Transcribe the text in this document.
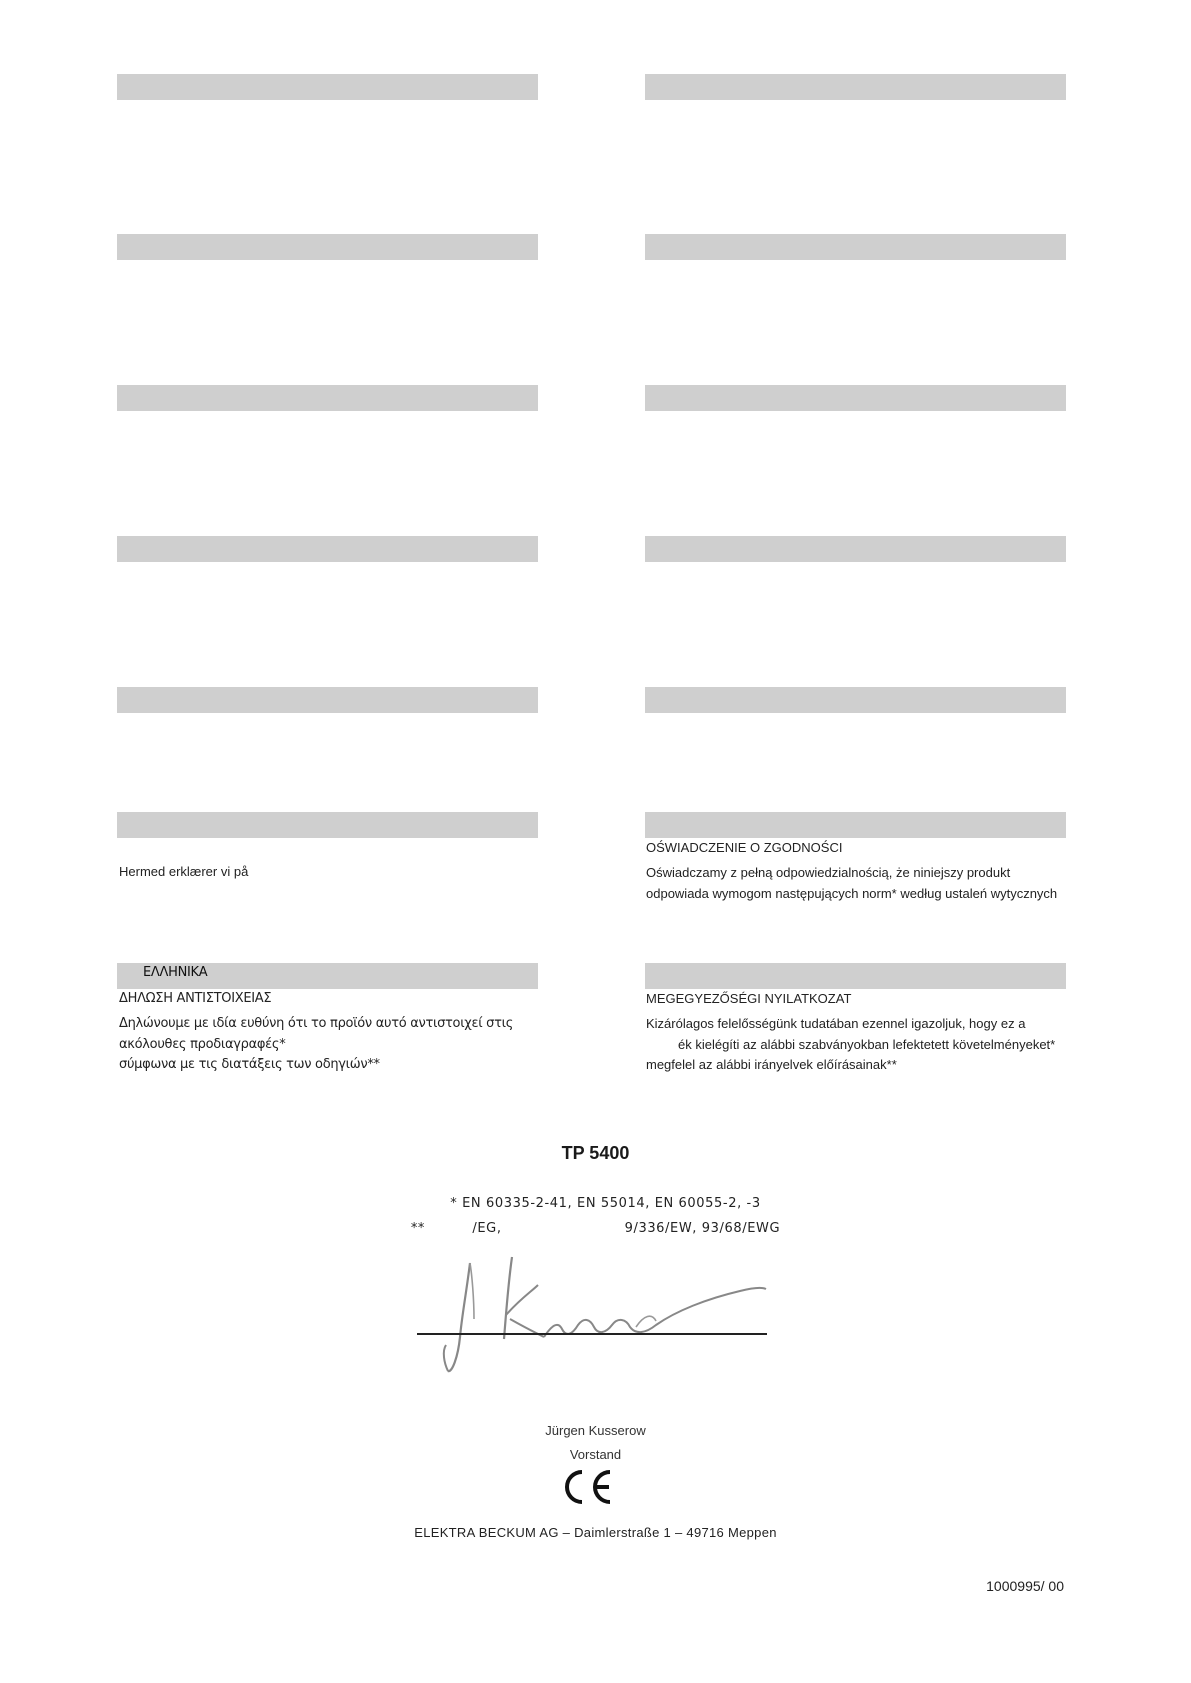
ΕΛΛΗΝΙΚΑ
Hermed erklærer vi på
OŚWIADCZENIE O ZGODNOŚCI
Oświadczamy z pełną odpowiedzialnością, że niniejszy produkt
odpowiada wymogom następujących norm* według ustaleń wytycznych
ΔΗΛΩΣΗ ΑΝΤΙΣΤΟΙΧΕΙΑΣ
Δηλώνουμε με ιδία ευθύνη ότι το προϊόν αυτό αντιστοιχεί στις
ακόλουθες προδιαγραφές*
σύμφωνα με τις διατάξεις των οδηγιών**
MEGEGYEZŐSÉGI NYILATKOZAT
Kizárólagos felelősségünk tudatában ezennel igazoljuk, hogy ez a
ék kielégíti az alábbi szabványokban lefektetett követelményeket*
megfelel az alábbi irányelvek előírásainak**
TP 5400
* EN 60335-2-41, EN 55014, EN 60055-2, -3
**          /EG,                          9/336/EW, 93/68/EWG
Jürgen Kusserow
Vorstand
ELEKTRA BECKUM AG – Daimlerstraße 1 – 49716 Meppen
1000995/ 00
